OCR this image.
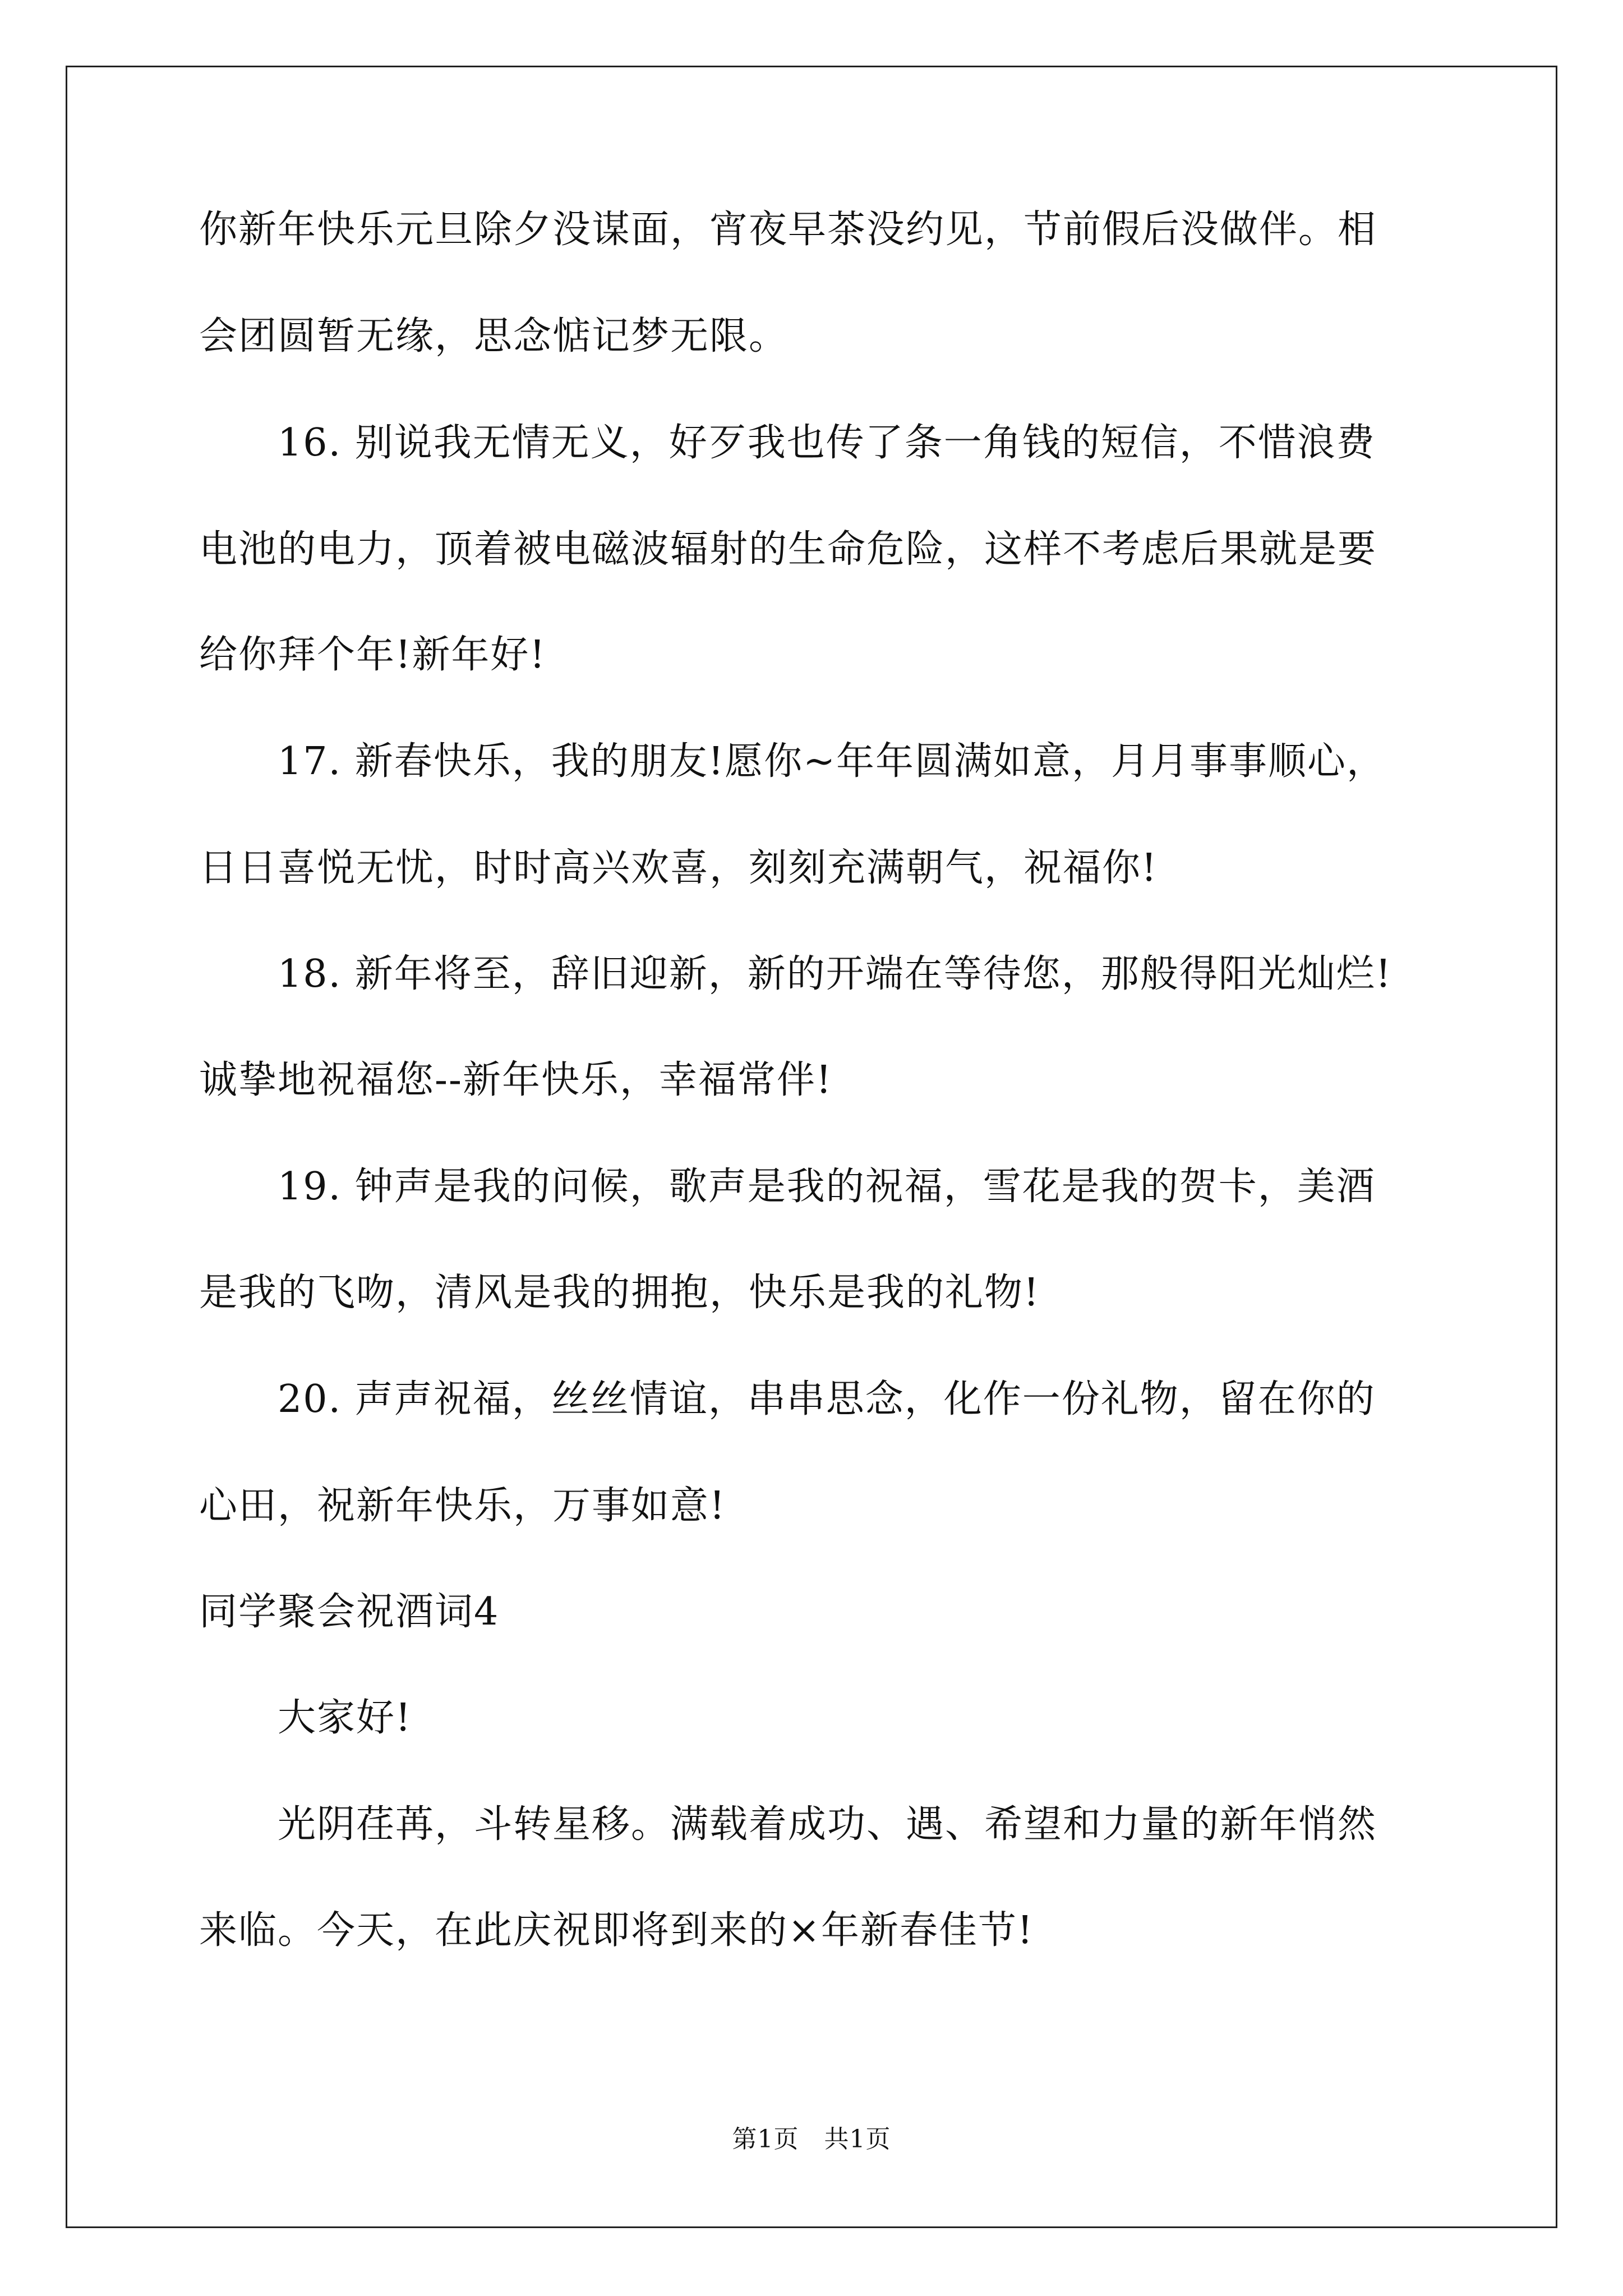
你新年快乐元旦除夕没谋面，宵夜早茶没约见，节前假后没做伴。相
会团圆暂无缘，思念惦记梦无限。
16. 别说我无情无义，好歹我也传了条一角钱的短信，不惜浪费
电池的电力，顶着被电磁波辐射的生命危险，这样不考虑后果就是要
给你拜个年!新年好!
17. 新春快乐，我的朋友!愿你~年年圆满如意，月月事事顺心，
日日喜悦无忧，时时高兴欢喜，刻刻充满朝气，祝福你!
18. 新年将至，辞旧迎新，新的开端在等待您，那般得阳光灿烂!
诚挚地祝福您--新年快乐，幸福常伴!
19. 钟声是我的问候，歌声是我的祝福，雪花是我的贺卡，美酒
是我的飞吻，清风是我的拥抱，快乐是我的礼物!
20. 声声祝福，丝丝情谊，串串思念，化作一份礼物，留在你的
心田，祝新年快乐，万事如意!
同学聚会祝酒词4
大家好!
光阴荏苒，斗转星移。满载着成功、遇、希望和力量的新年悄然
来临。今天，在此庆祝即将到来的×年新春佳节!
第1页　共1页
